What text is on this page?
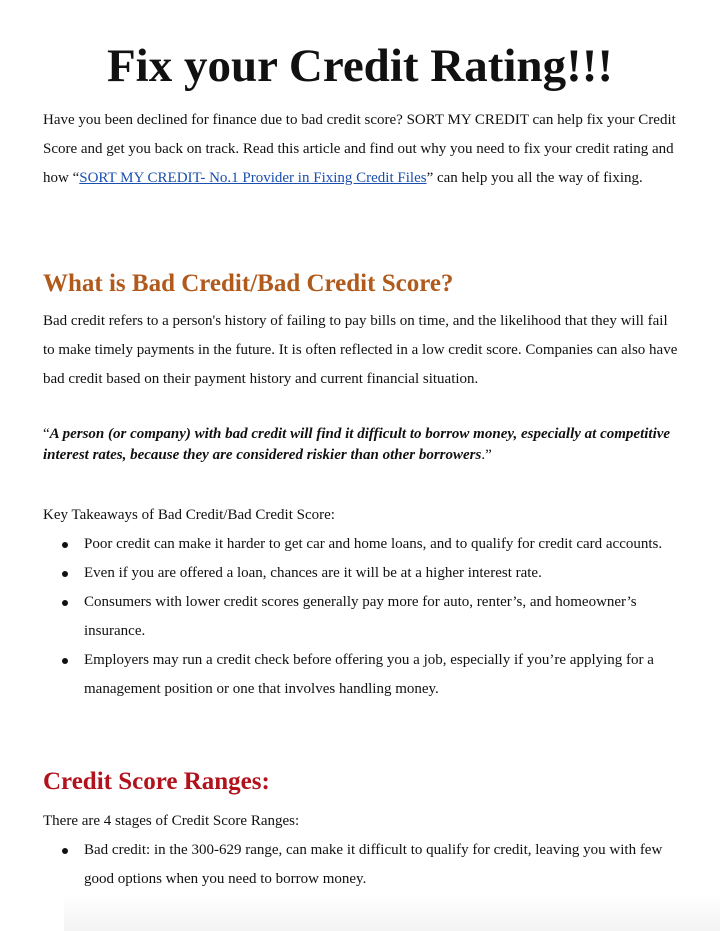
Fix your Credit Rating!!!

Have you been declined for finance due to bad credit score? SORT MY CREDIT can help fix your Credit Score and get you back on track. Read this article and find out why you need to fix your credit rating and how “SORT MY CREDIT- No.1 Provider in Fixing Credit Files” can help you all the way of fixing.

What is Bad Credit/Bad Credit Score?

Bad credit refers to a person's history of failing to pay bills on time, and the likelihood that they will fail to make timely payments in the future. It is often reflected in a low credit score. Companies can also have bad credit based on their payment history and current financial situation.

“A person (or company) with bad credit will find it difficult to borrow money, especially at competitive interest rates, because they are considered riskier than other borrowers.”

Key Takeaways of Bad Credit/Bad Credit Score:

Poor credit can make it harder to get car and home loans, and to qualify for credit card accounts.
Even if you are offered a loan, chances are it will be at a higher interest rate.
Consumers with lower credit scores generally pay more for auto, renter’s, and homeowner’s insurance.
Employers may run a credit check before offering you a job, especially if you’re applying for a management position or one that involves handling money.
Credit Score Ranges:

There are 4 stages of Credit Score Ranges:

Bad credit: in the 300-629 range, can make it difficult to qualify for credit, leaving you with few good options when you need to borrow money.
